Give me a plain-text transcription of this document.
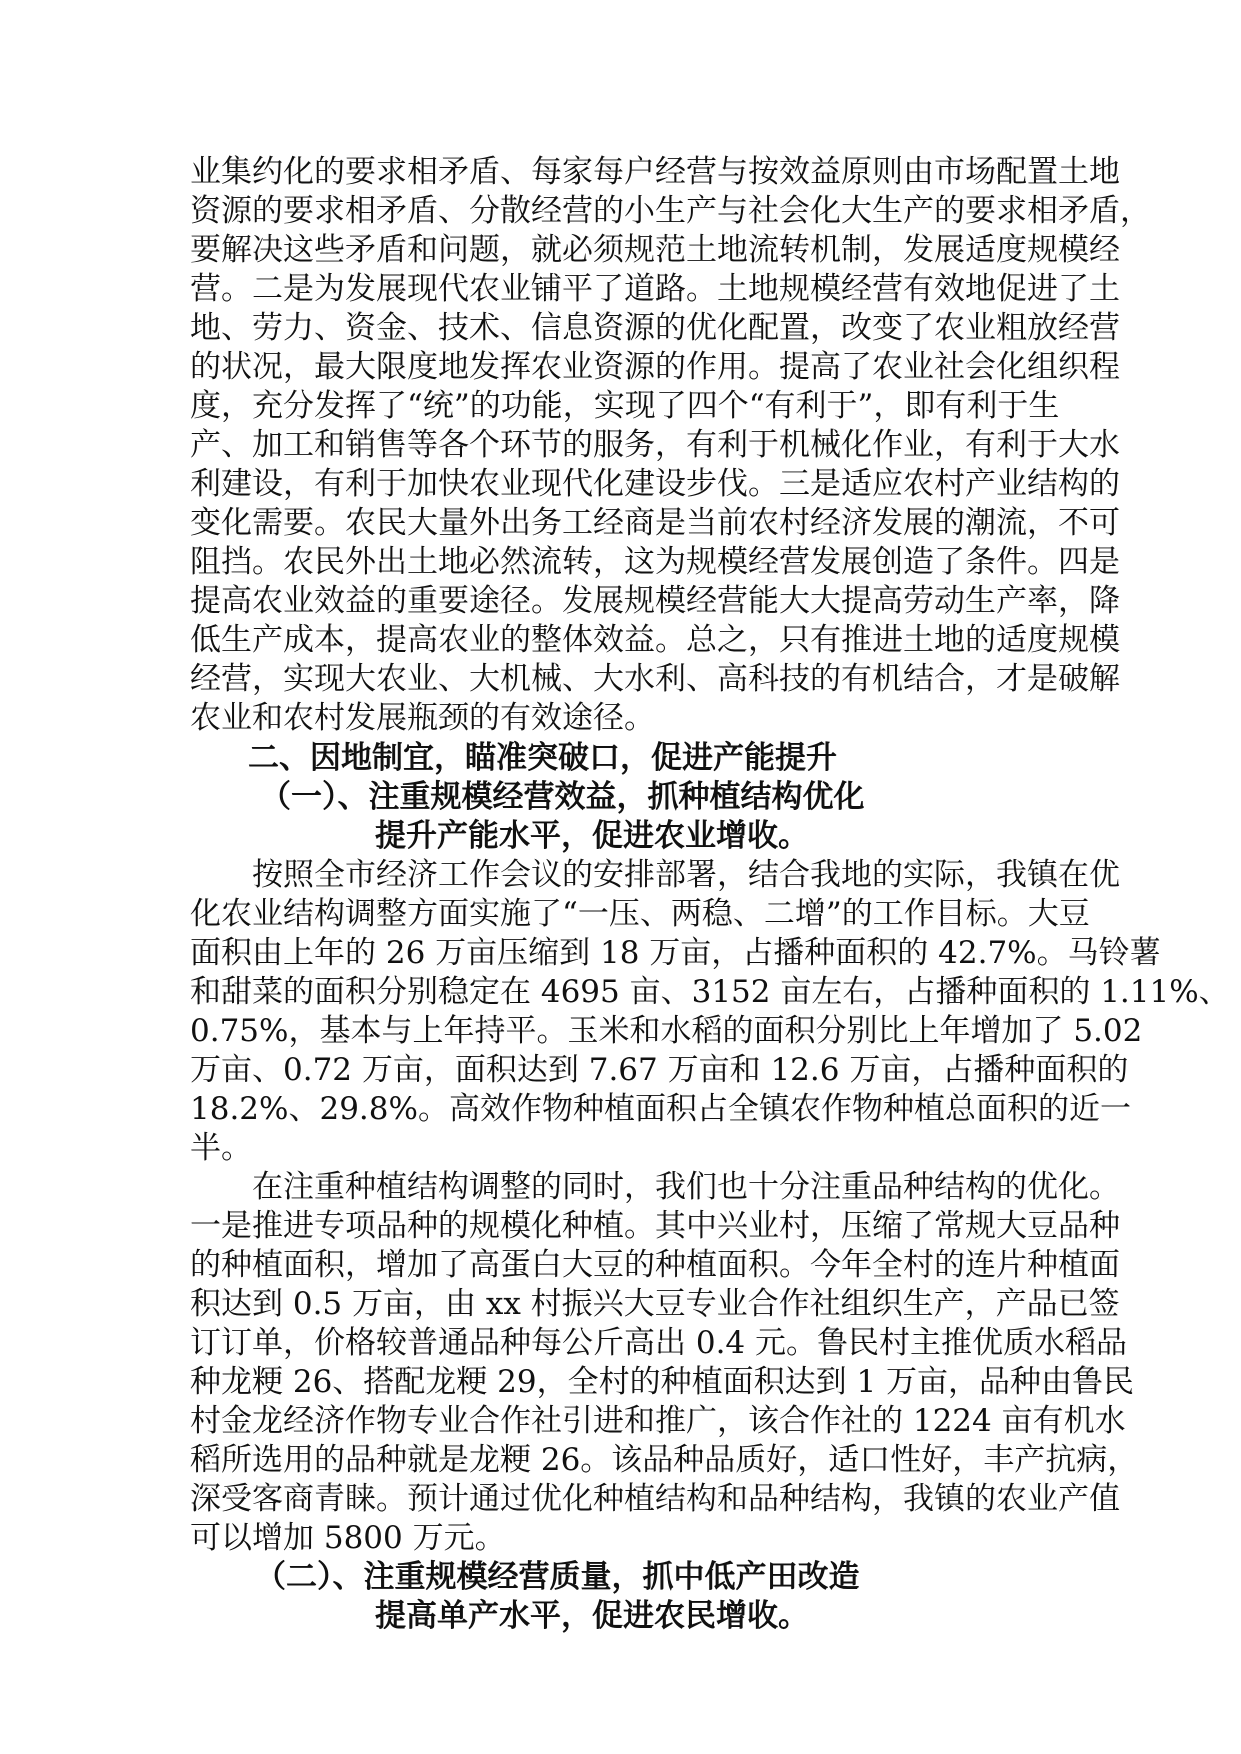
业集约化的要求相矛盾、每家每户经营与按效益原则由市场配置土地
资源的要求相矛盾、分散经营的小生产与社会化大生产的要求相矛盾，
要解决这些矛盾和问题，就必须规范土地流转机制，发展适度规模经
营。二是为发展现代农业铺平了道路。土地规模经营有效地促进了土
地、劳力、资金、技术、信息资源的优化配置，改变了农业粗放经营
的状况，最大限度地发挥农业资源的作用。提高了农业社会化组织程
度，充分发挥了“统”的功能，实现了四个“有利于”，即有利于生
产、加工和销售等各个环节的服务，有利于机械化作业，有利于大水
利建设，有利于加快农业现代化建设步伐。三是适应农村产业结构的
变化需要。农民大量外出务工经商是当前农村经济发展的潮流，不可
阻挡。农民外出土地必然流转，这为规模经营发展创造了条件。四是
提高农业效益的重要途径。发展规模经营能大大提高劳动生产率，降
低生产成本，提高农业的整体效益。总之，只有推进土地的适度规模
经营，实现大农业、大机械、大水利、高科技的有机结合，才是破解
农业和农村发展瓶颈的有效途径。
二、因地制宜，瞄准突破口，促进产能提升
（一）、注重规模经营效益，抓种植结构优化
提升产能水平，促进农业增收。
按照全市经济工作会议的安排部署，结合我地的实际，我镇在优
化农业结构调整方面实施了“一压、两稳、二增”的工作目标。大豆
面积由上年的 26 万亩压缩到 18 万亩，占播种面积的 42.7%。马铃薯
和甜菜的面积分别稳定在 4695 亩、3152 亩左右，占播种面积的 1.11%、
0.75%，基本与上年持平。玉米和水稻的面积分别比上年增加了 5.02
万亩、0.72 万亩，面积达到 7.67 万亩和 12.6 万亩，占播种面积的
18.2%、29.8%。高效作物种植面积占全镇农作物种植总面积的近一
半。
在注重种植结构调整的同时，我们也十分注重品种结构的优化。
一是推进专项品种的规模化种植。其中兴业村，压缩了常规大豆品种
的种植面积，增加了高蛋白大豆的种植面积。今年全村的连片种植面
积达到 0.5 万亩，由 xx 村振兴大豆专业合作社组织生产，产品已签
订订单，价格较普通品种每公斤高出 0.4 元。鲁民村主推优质水稻品
种龙粳 26、搭配龙粳 29，全村的种植面积达到 1 万亩，品种由鲁民
村金龙经济作物专业合作社引进和推广，该合作社的 1224 亩有机水
稻所选用的品种就是龙粳 26。该品种品质好，适口性好，丰产抗病，
深受客商青睐。预计通过优化种植结构和品种结构，我镇的农业产值
可以增加 5800 万元。
（二）、注重规模经营质量，抓中低产田改造
提高单产水平，促进农民增收。
